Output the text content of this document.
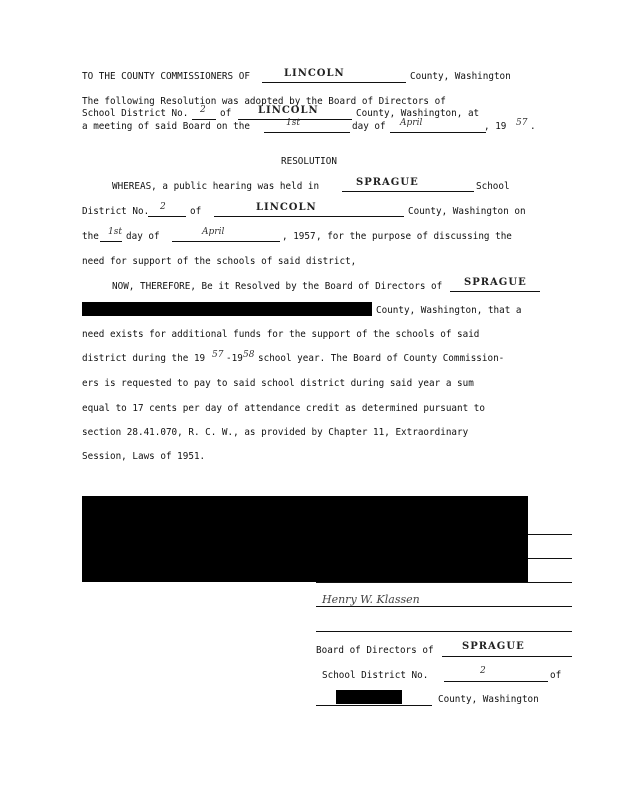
TO THE COUNTY COMMISSIONERS OF	LINCOLN	County, Washington
The following Resolution was adopted by the Board of Directors of
School District No. 2 of	LINCOLN	County, Washington, at
a meeting of said Board on the	1st	day of April	, 19 57 .
RESOLUTION
WHEREAS, a public hearing was held in	SPRAGUE	School
District No. 2	of	LINCOLN	County, Washington on
the 1st day of	April	, 1957 , for the purpose of discussing the
need for support of the schools of said district,
NOW, THEREFORE, Be it Resolved by the Board of Directors of SPRAGUE
County, Washington, that a
need exists for additional funds for the support of the schools of said
district during the 19 57 -19 58 school year. The Board of County Commission-
ers is requested to pay to said school district during said year a sum
equal to 17 cents per day of attendance credit as determined pursuant to
section 28.41.070, R. C. W., as provided by Chapter 11, Extraordinary
Session, Laws of 1951.
Henry W. Klassen
Board of Directors of	SPRAGUE
School District No.	2	of
County, Washington
